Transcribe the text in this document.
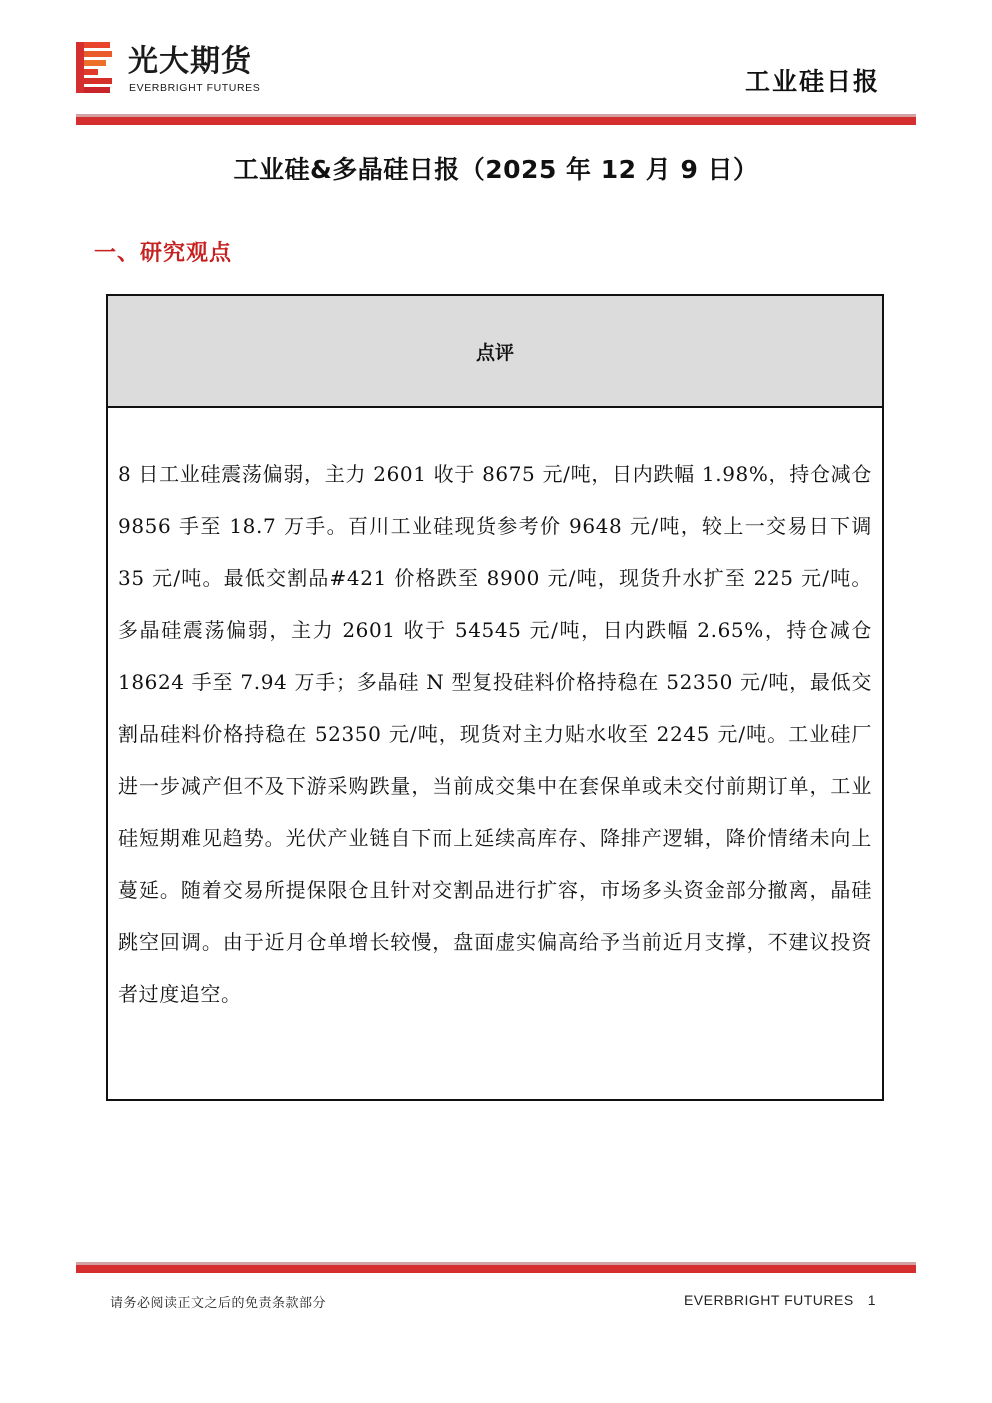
光大期货
EVERBRIGHT FUTURES	工业硅日报
工业硅&多晶硅日报（2025 年 12 月 9 日）
一、研究观点
点评
8 日工业硅震荡偏弱，主力 2601 收于 8675 元/吨，日内跌幅 1.98%，持仓减仓 9856 手至 18.7 万手。百川工业硅现货参考价 9648 元/吨，较上一交易日下调 35 元/吨。最低交割品#421 价格跌至 8900 元/吨，现货升水扩至 225 元/吨。多晶硅震荡偏弱，主力 2601 收于 54545 元/吨，日内跌幅 2.65%，持仓减仓 18624 手至 7.94 万手；多晶硅 N 型复投硅料价格持稳在 52350 元/吨，最低交割品硅料价格持稳在 52350 元/吨，现货对主力贴水收至 2245 元/吨。工业硅厂进一步减产但不及下游采购跌量，当前成交集中在套保单或未交付前期订单，工业硅短期难见趋势。光伏产业链自下而上延续高库存、降排产逻辑，降价情绪未向上蔓延。随着交易所提保限仓且针对交割品进行扩容，市场多头资金部分撤离，晶硅跳空回调。由于近月仓单增长较慢，盘面虚实偏高给予当前近月支撑，不建议投资者过度追空。
请务必阅读正文之后的免责条款部分	EVERBRIGHT FUTURES 1
